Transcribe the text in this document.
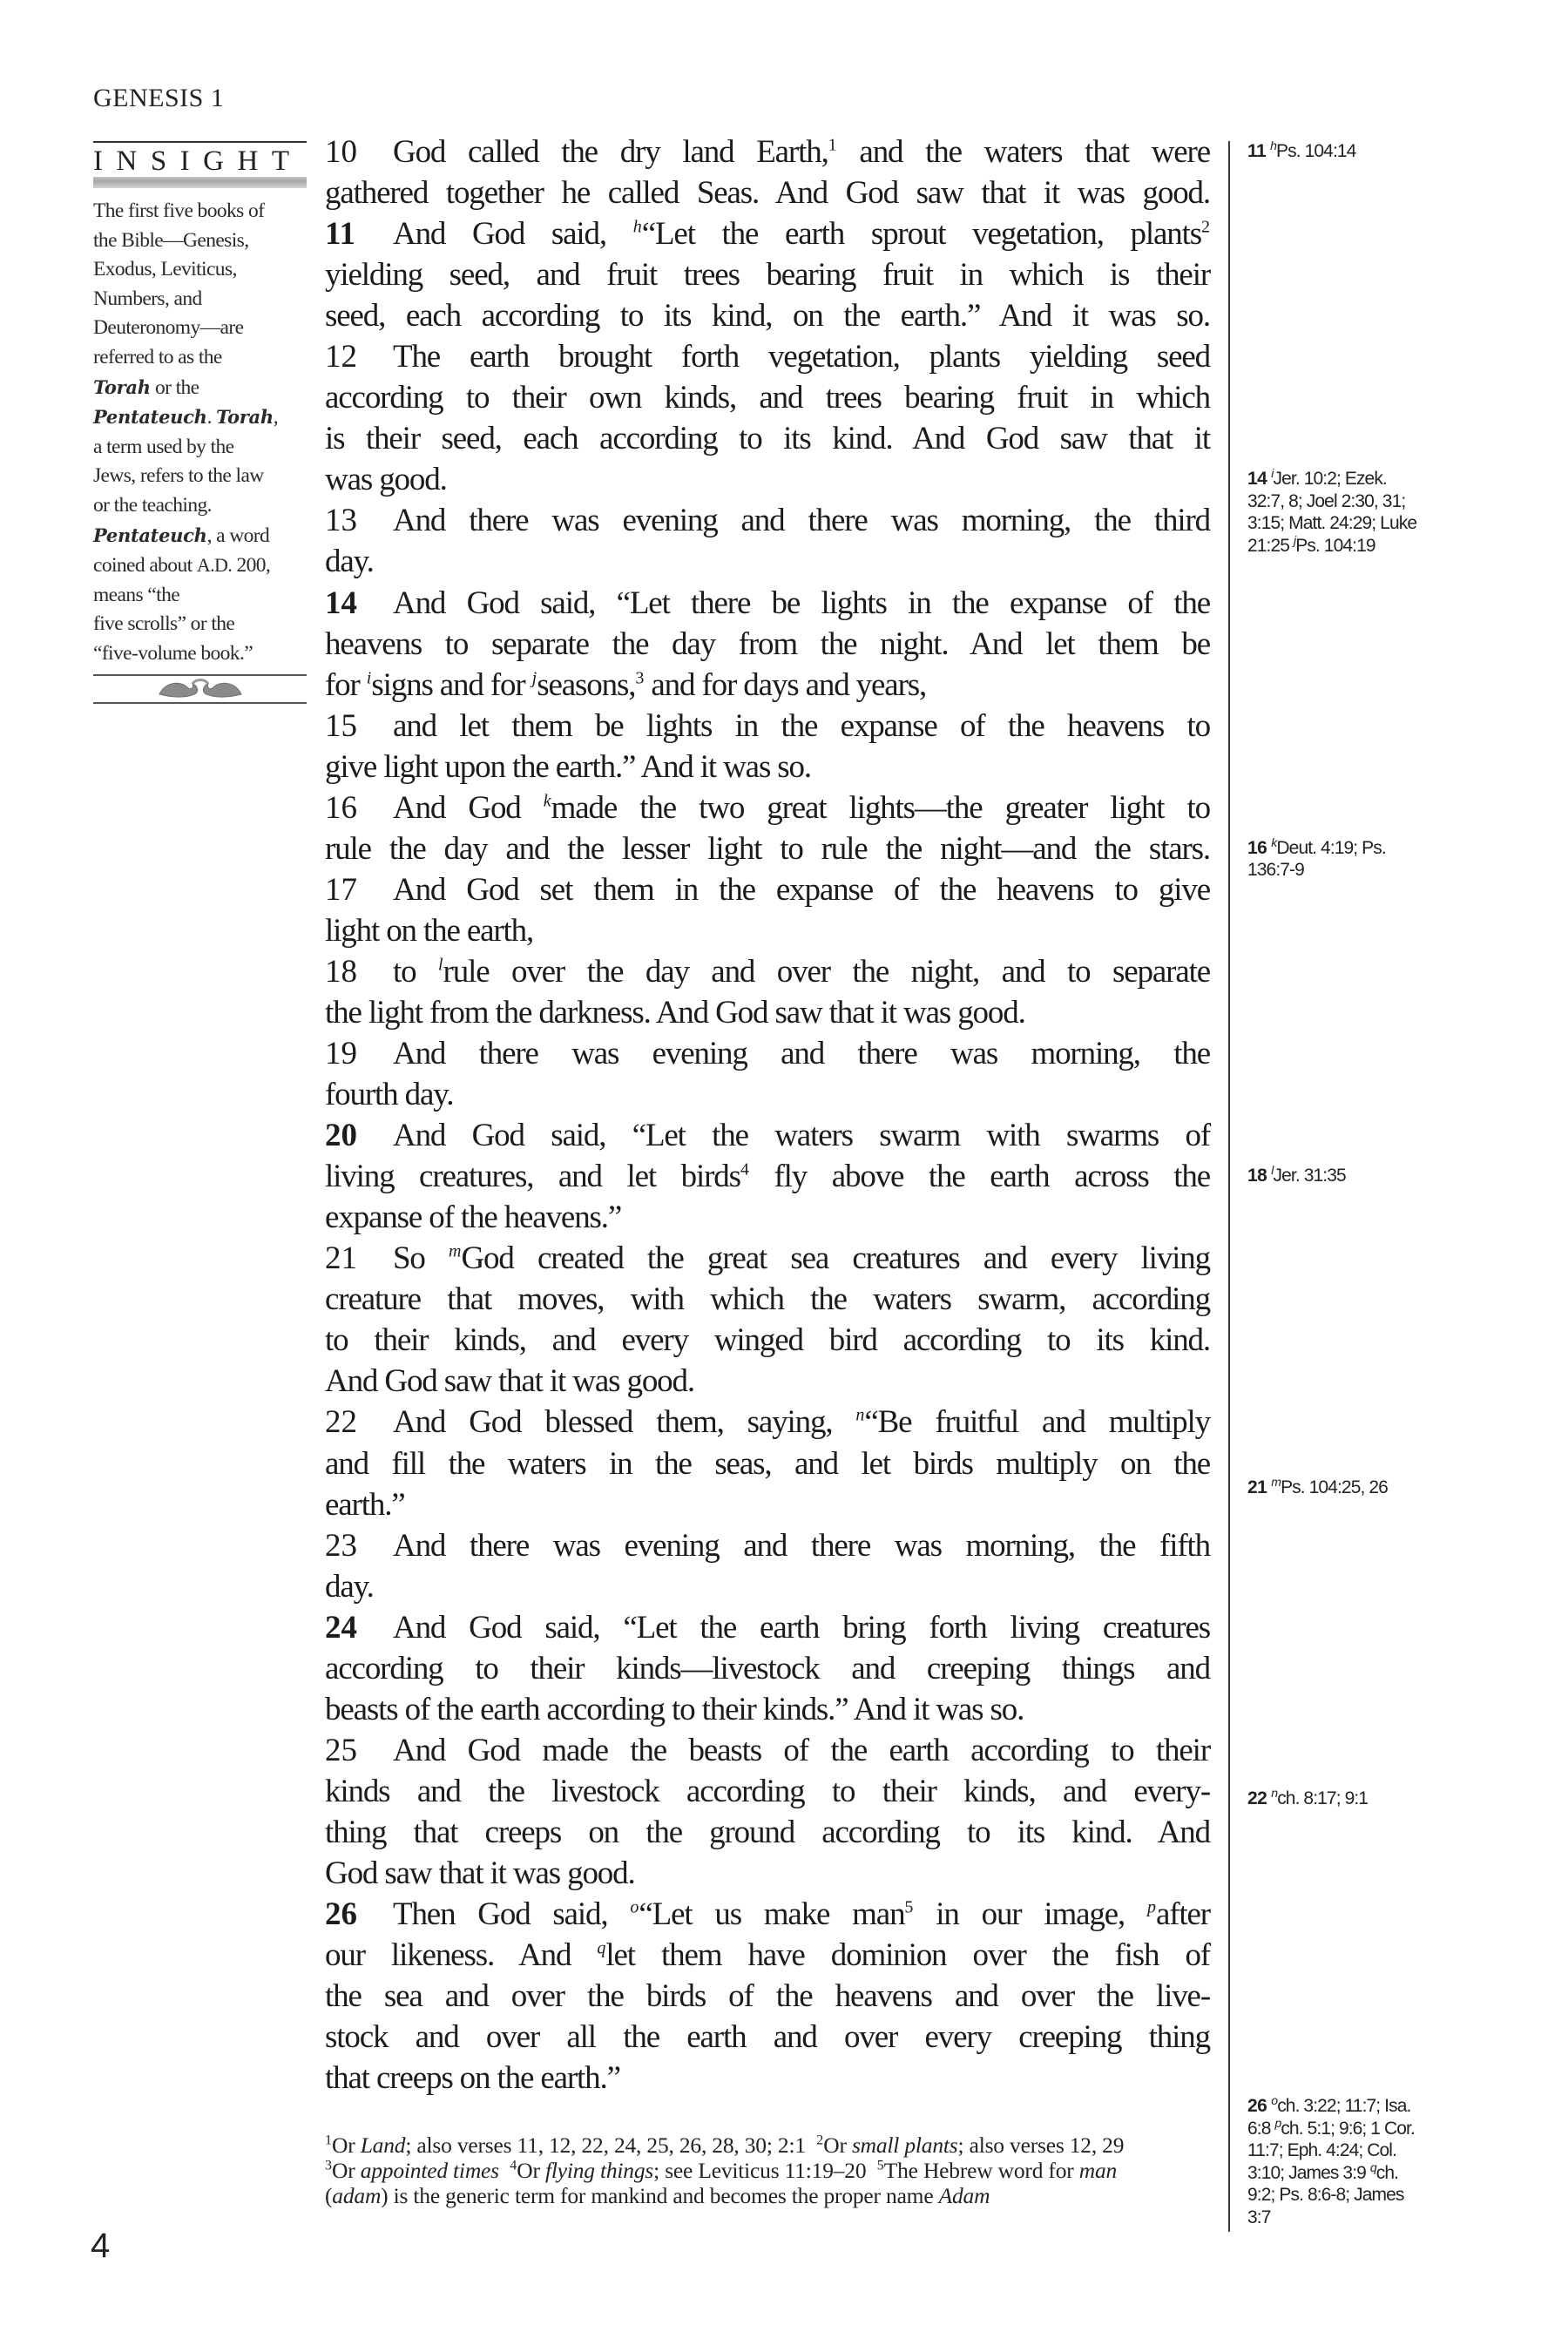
GENESIS 1
INSIGHT
The first five books of
the Bible—Genesis,
Exodus, Leviticus,
Numbers, and
Deuteronomy—are
referred to as the
Torah or the
Pentateuch. Torah,
a term used by the
Jews, refers to the law
or the teaching.
Pentateuch, a word
coined about A.D. 200,
means “the
five scrolls” or the
“five-volume book.”
10 God called the dry land Earth,$^1$ and the waters that were
gathered together he called Seas. And God saw that it was good.
11 And God said, $^h$“Let the earth sprout vegetation, plants$^2$
yielding seed, and fruit trees bearing fruit in which is their
seed, each according to its kind, on the earth.” And it was so.
12 The earth brought forth vegetation, plants yielding seed
according to their own kinds, and trees bearing fruit in which
is their seed, each according to its kind. And God saw that it
was good.
13 And there was evening and there was morning, the third
day.
14 And God said, “Let there be lights in the expanse of the
heavens to separate the day from the night. And let them be
for $^i$signs and for $^j$seasons,$^3$ and for days and years,
15 and let them be lights in the expanse of the heavens to
give light upon the earth.” And it was so.
16 And God $^k$made the two great lights—the greater light to
rule the day and the lesser light to rule the night—and the stars.
17 And God set them in the expanse of the heavens to give
light on the earth,
18 to $^l$rule over the day and over the night, and to separate
the light from the darkness. And God saw that it was good.
19 And there was evening and there was morning, the
fourth day.
20 And God said, “Let the waters swarm with swarms of
living creatures, and let birds$^4$ fly above the earth across the
expanse of the heavens.”
21 So $^m$God created the great sea creatures and every living
creature that moves, with which the waters swarm, according
to their kinds, and every winged bird according to its kind.
And God saw that it was good.
22 And God blessed them, saying, $^n$“Be fruitful and multiply
and fill the waters in the seas, and let birds multiply on the
earth.”
23 And there was evening and there was morning, the fifth
day.
24 And God said, “Let the earth bring forth living creatures
according to their kinds—livestock and creeping things and
beasts of the earth according to their kinds.” And it was so.
25 And God made the beasts of the earth according to their
kinds and the livestock according to their kinds, and every-
thing that creeps on the ground according to its kind. And
God saw that it was good.
26 Then God said, $^o$“Let us make man$^5$ in our image, $^p$after
our likeness. And $^q$let them have dominion over the fish of
the sea and over the birds of the heavens and over the live-
stock and over all the earth and over every creeping thing
that creeps on the earth.”
11 $^h$Ps. 104:14
14 $^i$Jer. 10:2; Ezek. 32:7, 8; Joel 2:30, 31; 3:15; Matt. 24:29; Luke 21:25 $^j$Ps. 104:19
16 $^k$Deut. 4:19; Ps. 136:7-9
18 $^l$Jer. 31:35
21 $^m$Ps. 104:25, 26
22 $^n$ch. 8:17; 9:1
26 $^o$ch. 3:22; 11:7; Isa. 6:8 $^p$ch. 5:1; 9:6; 1 Cor. 11:7; Eph. 4:24; Col. 3:10; James 3:9 $^q$ch. 9:2; Ps. 8:6-8; James 3:7
$^1$Or Land; also verses 11, 12, 22, 24, 25, 26, 28, 30; 2:1  $^2$Or small plants; also verses 12, 29
$^3$Or appointed times $^4$Or flying things; see Leviticus 11:19–20  $^5$The Hebrew word for man
(adam) is the generic term for mankind and becomes the proper name Adam
4
